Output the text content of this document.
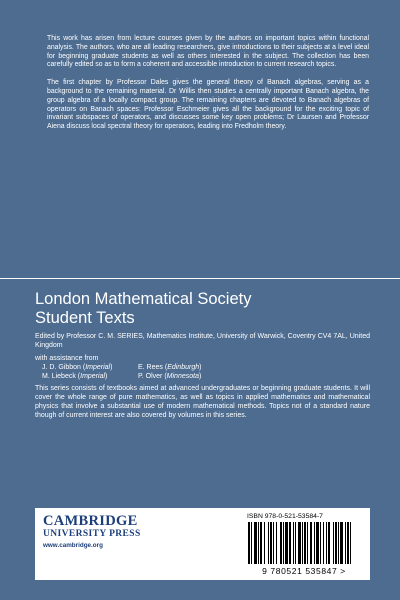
This work has arisen from lecture courses given by the authors on important topics within functional analysis. The authors, who are all leading researchers, give introductions to their subjects at a level ideal for beginning graduate students as well as others interested in the subject. The collection has been carefully edited so as to form a coherent and accessible introduction to current research topics.

The first chapter by Professor Dales gives the general theory of Banach algebras, serving as a background to the remaining material. Dr Willis then studies a centrally important Banach algebra, the group algebra of a locally compact group. The remaining chapters are devoted to Banach algebras of operators on Banach spaces: Professor Eschmeier gives all the background for the exciting topic of invariant subspaces of operators, and discusses some key open problems; Dr Laursen and Professor Aiena discuss local spectral theory for operators, leading into Fredholm theory.

London Mathematical Society
Student Texts
Edited by Professor C. M. SERIES, Mathematics Institute, University of Warwick, Coventry CV4 7AL, United Kingdom
with assistance from
J. D. Gibbon (Imperial)	E. Rees (Edinburgh)
M. Liebeck (Imperial)	P. Olver (Minnesota)
This series consists of textbooks aimed at advanced undergraduates or beginning graduate students. It will cover the whole range of pure mathematics, as well as topics in applied mathematics and mathematical physics that involve a substantial use of modern mathematical methods. Topics not of a standard nature though of current interest are also covered by volumes in this series.
CAMBRIDGE
UNIVERSITY PRESS
www.cambridge.org
ISBN 978-0-521-53584-7
9 780521 535847 >
